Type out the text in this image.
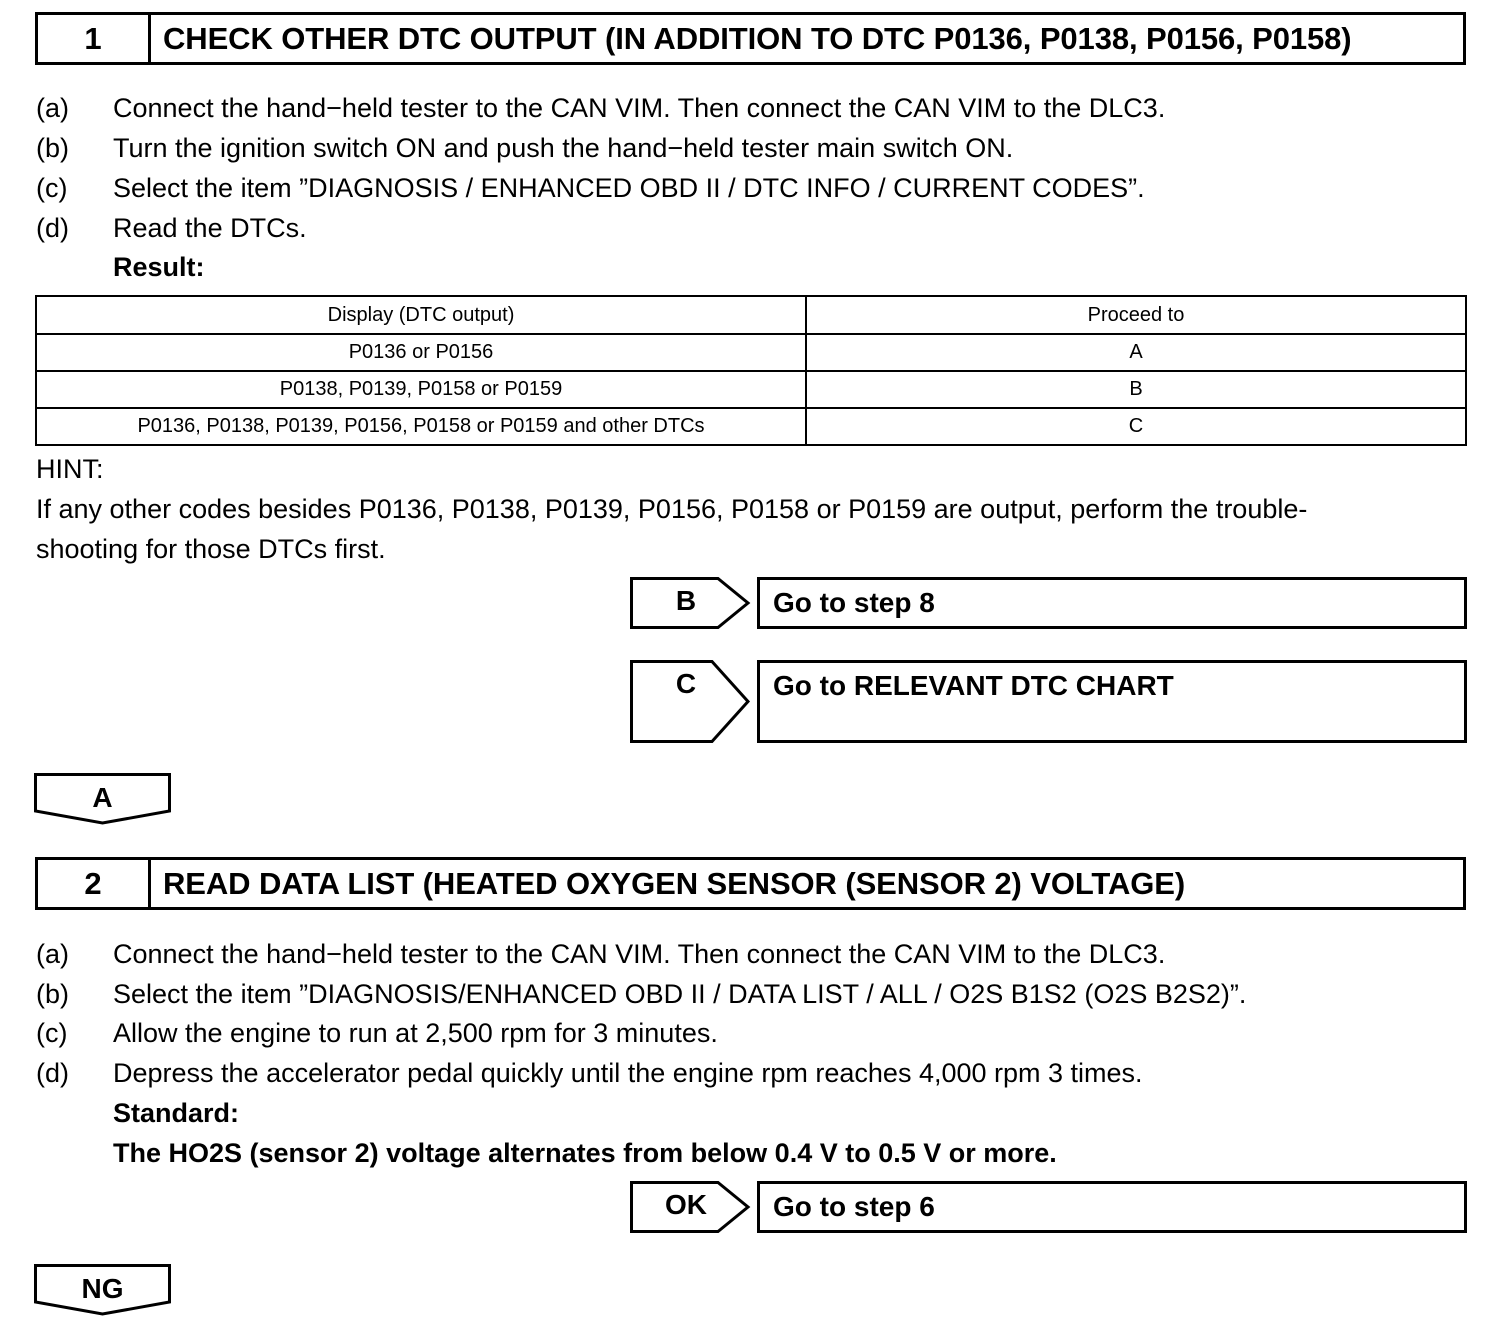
1	CHECK OTHER DTC OUTPUT (IN ADDITION TO DTC P0136, P0138, P0156, P0158)
(a) Connect the hand−held tester to the CAN VIM. Then connect the CAN VIM to the DLC3.
(b) Turn the ignition switch ON and push the hand−held tester main switch ON.
(c) Select the item ”DIAGNOSIS / ENHANCED OBD II / DTC INFO / CURRENT CODES”.
(d) Read the DTCs.
Result:
Display (DTC output)	Proceed to
P0136 or P0156	A
P0138, P0139, P0158 or P0159	B
P0136, P0138, P0139, P0156, P0158 or P0159 and other DTCs	C
HINT:
If any other codes besides P0136, P0138, P0139, P0156, P0158 or P0159 are output, perform the trouble-
shooting for those DTCs first.
B	Go to step 8
C	Go to RELEVANT DTC CHART
A
2	READ DATA LIST (HEATED OXYGEN SENSOR (SENSOR 2) VOLTAGE)
(a) Connect the hand−held tester to the CAN VIM. Then connect the CAN VIM to the DLC3.
(b) Select the item ”DIAGNOSIS/ENHANCED OBD II / DATA LIST / ALL / O2S B1S2 (O2S B2S2)”.
(c) Allow the engine to run at 2,500 rpm for 3 minutes.
(d) Depress the accelerator pedal quickly until the engine rpm reaches 4,000 rpm 3 times.
Standard:
The HO2S (sensor 2) voltage alternates from below 0.4 V to 0.5 V or more.
OK	Go to step 6
NG
